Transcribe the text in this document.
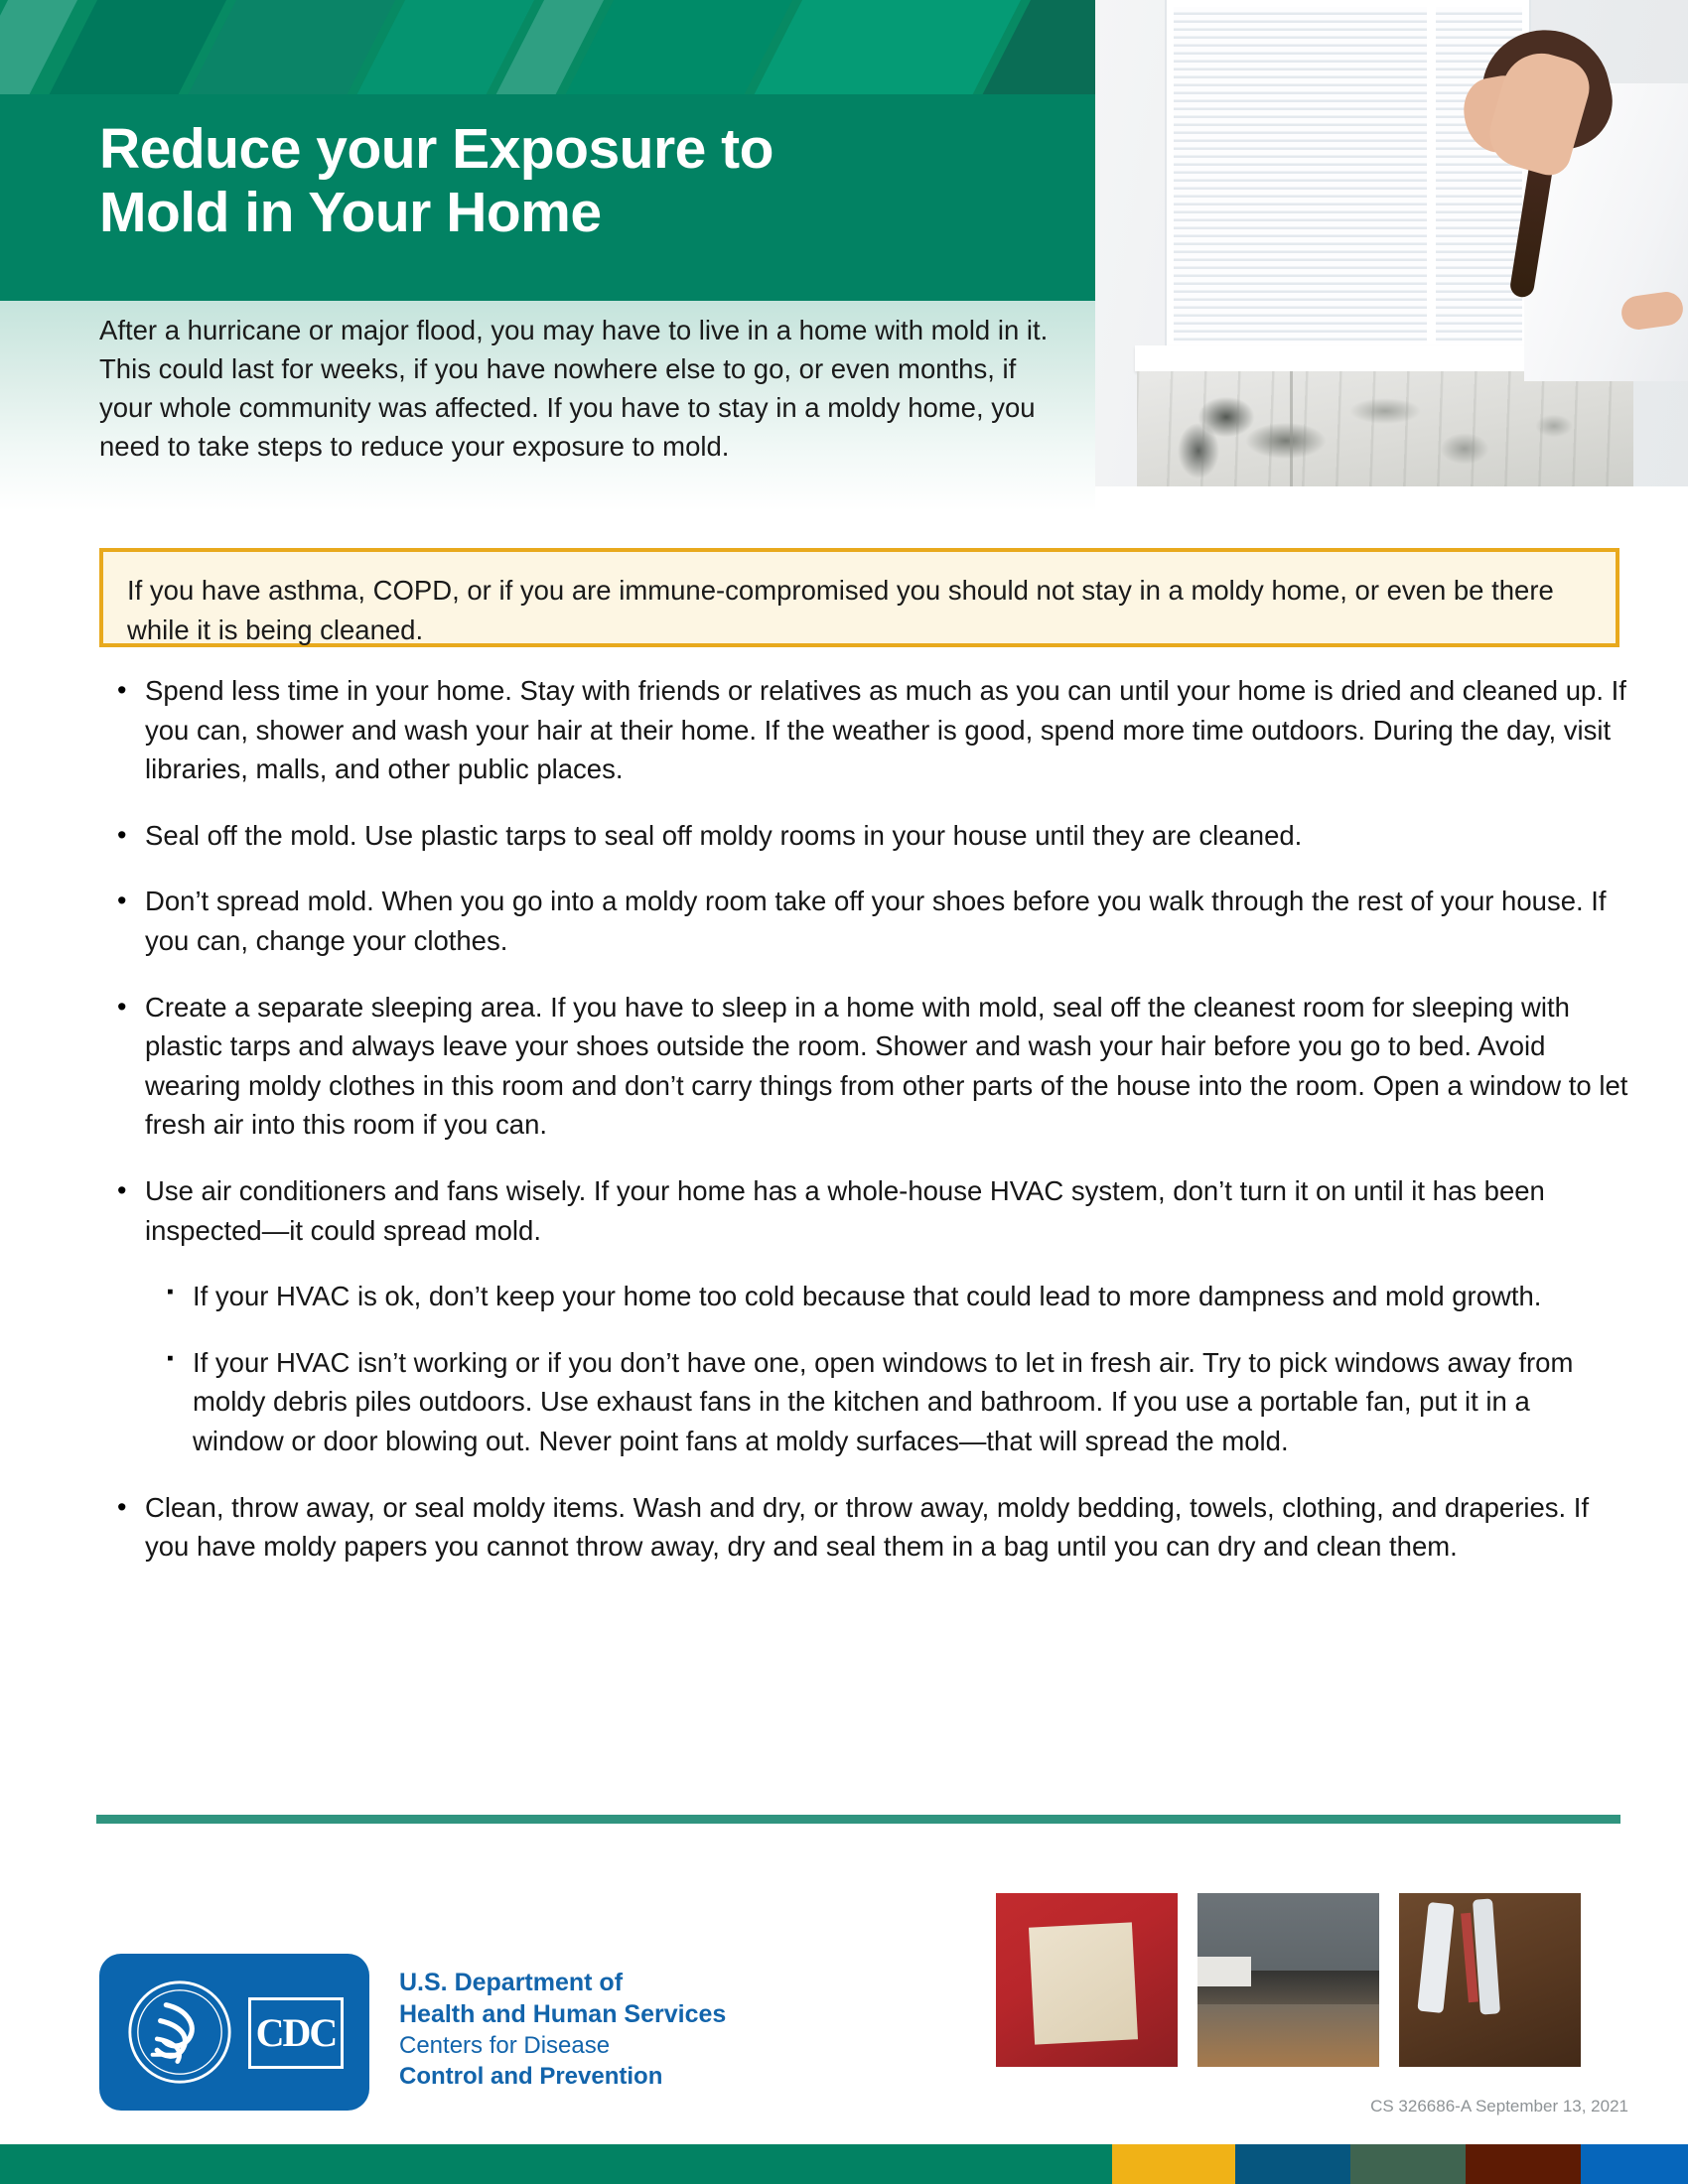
Reduce your Exposure to
Mold in Your Home
After a hurricane or major flood, you may have to live in a home with mold in it. This could last for weeks, if you have nowhere else to go, or even months, if your whole community was affected. If you have to stay in a moldy home, you need to take steps to reduce your exposure to mold.
If you have asthma, COPD, or if you are immune-compromised you should not stay in a moldy home, or even be there while it is being cleaned.
• Spend less time in your home. Stay with friends or relatives as much as you can until your home is dried and cleaned up. If you can, shower and wash your hair at their home. If the weather is good, spend more time outdoors. During the day, visit libraries, malls, and other public places.
• Seal off the mold. Use plastic tarps to seal off moldy rooms in your house until they are cleaned.
• Don’t spread mold. When you go into a moldy room take off your shoes before you walk through the rest of your house. If you can, change your clothes.
• Create a separate sleeping area. If you have to sleep in a home with mold, seal off the cleanest room for sleeping with plastic tarps and always leave your shoes outside the room. Shower and wash your hair before you go to bed. Avoid wearing moldy clothes in this room and don’t carry things from other parts of the house into the room. Open a window to let fresh air into this room if you can.
• Use air conditioners and fans wisely. If your home has a whole-house HVAC system, don’t turn it on until it has been inspected—it could spread mold.
▪ If your HVAC is ok, don’t keep your home too cold because that could lead to more dampness and mold growth.
▪ If your HVAC isn’t working or if you don’t have one, open windows to let in fresh air. Try to pick windows away from moldy debris piles outdoors. Use exhaust fans in the kitchen and bathroom. If you use a portable fan, put it in a window or door blowing out. Never point fans at moldy surfaces—that will spread the mold.
• Clean, throw away, or seal moldy items. Wash and dry, or throw away, moldy bedding, towels, clothing, and draperies. If you have moldy papers you cannot throw away, dry and seal them in a bag until you can dry and clean them.
CDC
U.S. Department of
Health and Human Services
Centers for Disease
Control and Prevention
CS 326686-A September 13, 2021
